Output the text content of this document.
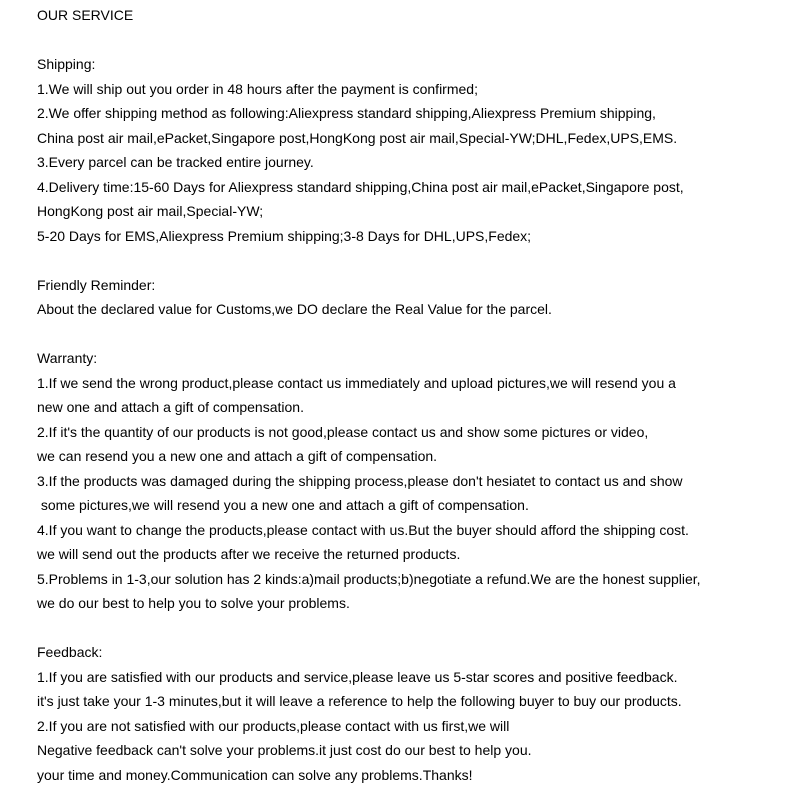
OUR SERVICE
Shipping:
1.We will ship out you order in 48 hours after the payment is confirmed;
2.We offer shipping method as following:Aliexpress standard shipping,Aliexpress Premium shipping,
China post air mail,ePacket,Singapore post,HongKong post air mail,Special-YW;DHL,Fedex,UPS,EMS.
3.Every parcel can be tracked entire journey.
4.Delivery time:15-60 Days for Aliexpress standard shipping,China post air mail,ePacket,Singapore post,
HongKong post air mail,Special-YW;
5-20 Days for EMS,Aliexpress Premium shipping;3-8 Days for DHL,UPS,Fedex;
Friendly Reminder:
About the declared value for Customs,we DO declare the Real Value for the parcel.
Warranty:
1.If we send the wrong product,please contact us immediately and upload pictures,we will resend you a
new one and attach a gift of compensation.
2.If it's the quantity of our products is not good,please contact us and show some pictures or video,
we can resend you a new one and attach a gift of compensation.
3.If the products was damaged during the shipping process,please don't hesiatet to contact us and show
some pictures,we will resend you a new one and attach a gift of compensation.
4.If you want to change the products,please contact with us.But the buyer should afford the shipping cost.
we will send out the products after we receive the returned products.
5.Problems in 1-3,our solution has 2 kinds:a)mail products;b)negotiate a refund.We are the honest supplier,
we do our best to help you to solve your problems.
Feedback:
1.If you are satisfied with our products and service,please leave us 5-star scores and positive feedback.
it's just take your 1-3 minutes,but it will leave a reference to help the following buyer to buy our products.
2.If you are not satisfied with our products,please contact with us first,we will
Negative feedback can't solve your problems.it just cost do our best to help you.
your time and money.Communication can solve any problems.Thanks!
